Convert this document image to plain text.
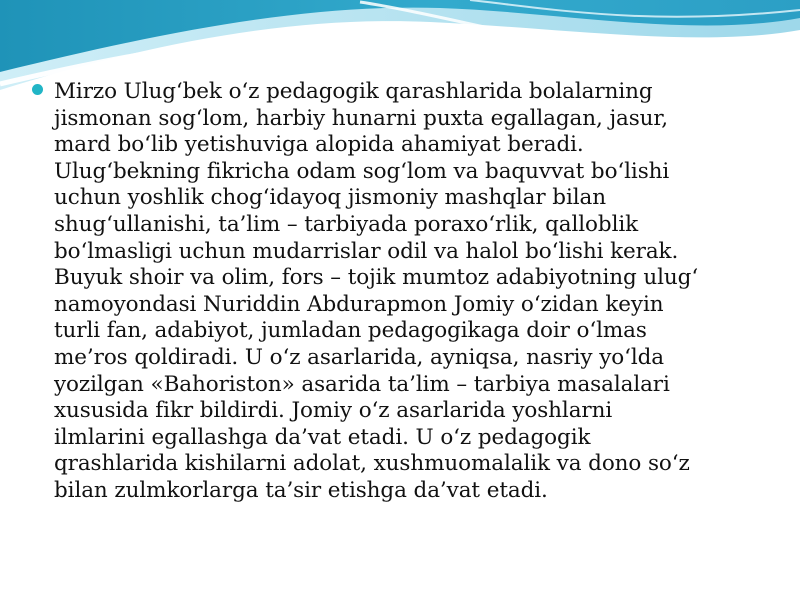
Mirzo Ulug‘bek o‘z pedagogik qarashlarida bolalarning
jismonan sog‘lom, harbiy hunarni puxta egallagan, jasur,
mard bo‘lib yetishuviga alopida ahamiyat beradi.
Ulug‘bekning fikricha odam sog‘lom va baquvvat bo‘lishi
uchun yoshlik chog‘idayoq jismoniy mashqlar bilan
shug‘ullanishi, ta’lim – tarbiyada poraxo‘rlik, qalloblik
bo‘lmasligi uchun mudarrislar odil va halol bo‘lishi kerak.
Buyuk shoir va olim, fors – tojik mumtoz adabiyotning ulug‘
namoyondasi Nuriddin Abdurapmon Jomiy o‘zidan keyin
turli fan, adabiyot, jumladan pedagogikaga doir o‘lmas
me’ros qoldiradi. U o‘z asarlarida, ayniqsa, nasriy yo‘lda
yozilgan «Bahoriston» asarida ta’lim – tarbiya masalalari
xususida fikr bildirdi. Jomiy o‘z asarlarida yoshlarni
ilmlarini egallashga da’vat etadi. U o‘z pedagogik
qrashlarida kishilarni adolat, xushmuomalalik va dono so‘z
bilan zulmkorlarga ta’sir etishga da’vat etadi.
